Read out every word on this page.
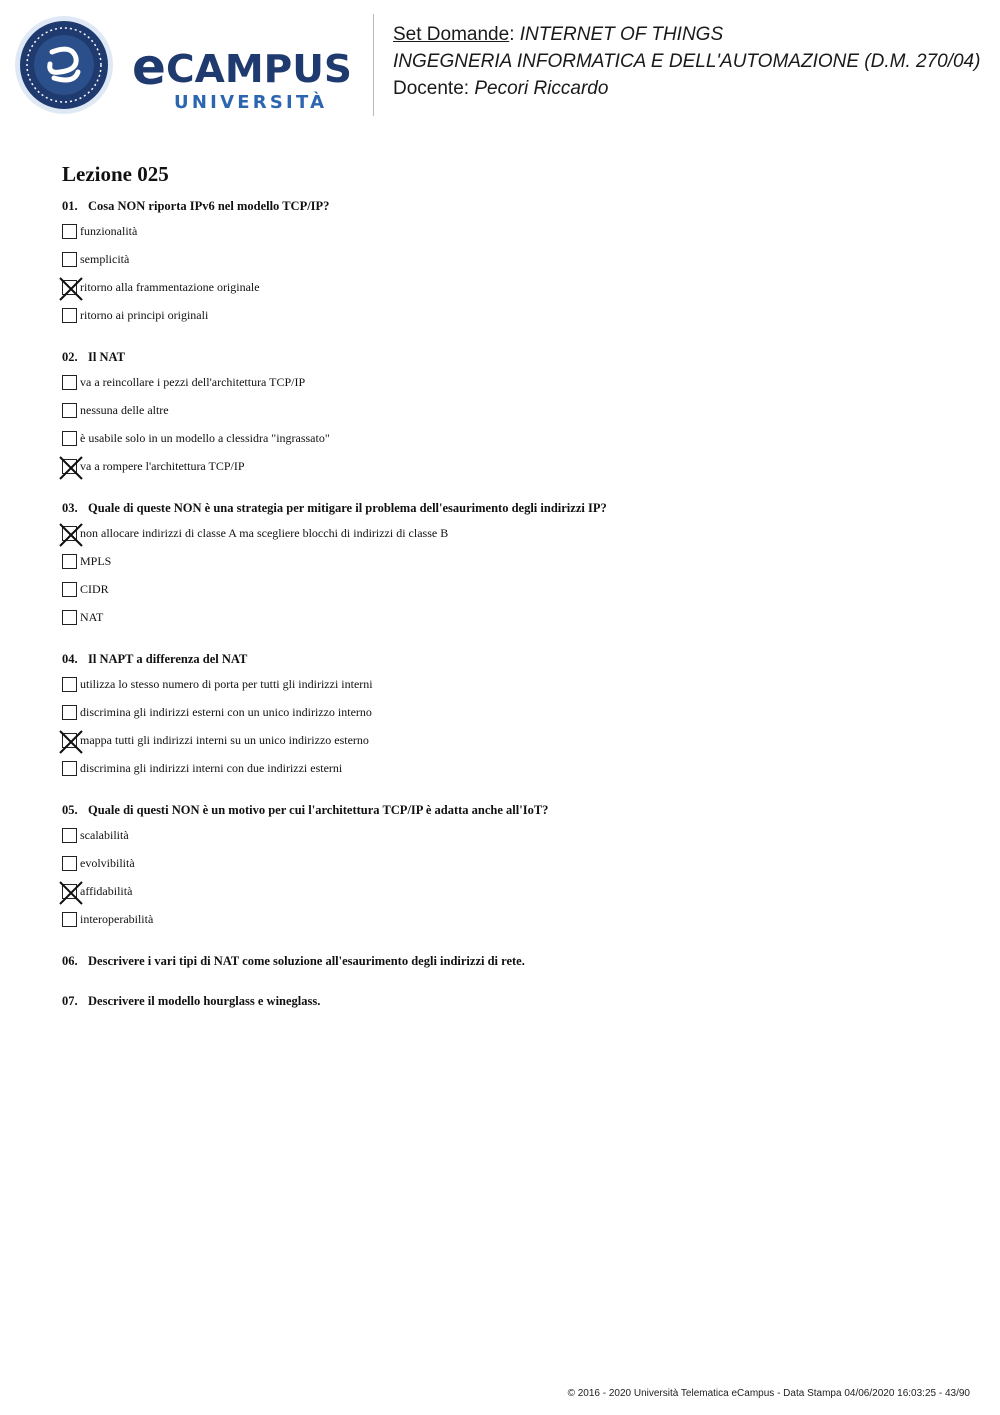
e CAMPUS
UNIVERSITÀ
Set Domande: INTERNET OF THINGS
INGEGNERIA INFORMATICA E DELL'AUTOMAZIONE (D.M. 270/04)
Docente: Pecori Riccardo
Lezione 025
01. Cosa NON riporta IPv6 nel modello TCP/IP?
funzionalità
semplicità
ritorno alla frammentazione originale
ritorno ai principi originali
02. Il NAT
va a reincollare i pezzi dell'architettura TCP/IP
nessuna delle altre
è usabile solo in un modello a clessidra "ingrassato"
va a rompere l'architettura TCP/IP
03. Quale di queste NON è una strategia per mitigare il problema dell'esaurimento degli indirizzi IP?
non allocare indirizzi di classe A ma scegliere blocchi di indirizzi di classe B
MPLS
CIDR
NAT
04. Il NAPT a differenza del NAT
utilizza lo stesso numero di porta per tutti gli indirizzi interni
discrimina gli indirizzi esterni con un unico indirizzo interno
mappa tutti gli indirizzi interni su un unico indirizzo esterno
discrimina gli indirizzi interni con due indirizzi esterni
05. Quale di questi NON è un motivo per cui l'architettura TCP/IP è adatta anche all'IoT?
scalabilità
evolvibilità
affidabilità
interoperabilità
06. Descrivere i vari tipi di NAT come soluzione all'esaurimento degli indirizzi di rete.
07. Descrivere il modello hourglass e wineglass.
© 2016 - 2020 Università Telematica eCampus - Data Stampa 04/06/2020 16:03:25 - 43/90
